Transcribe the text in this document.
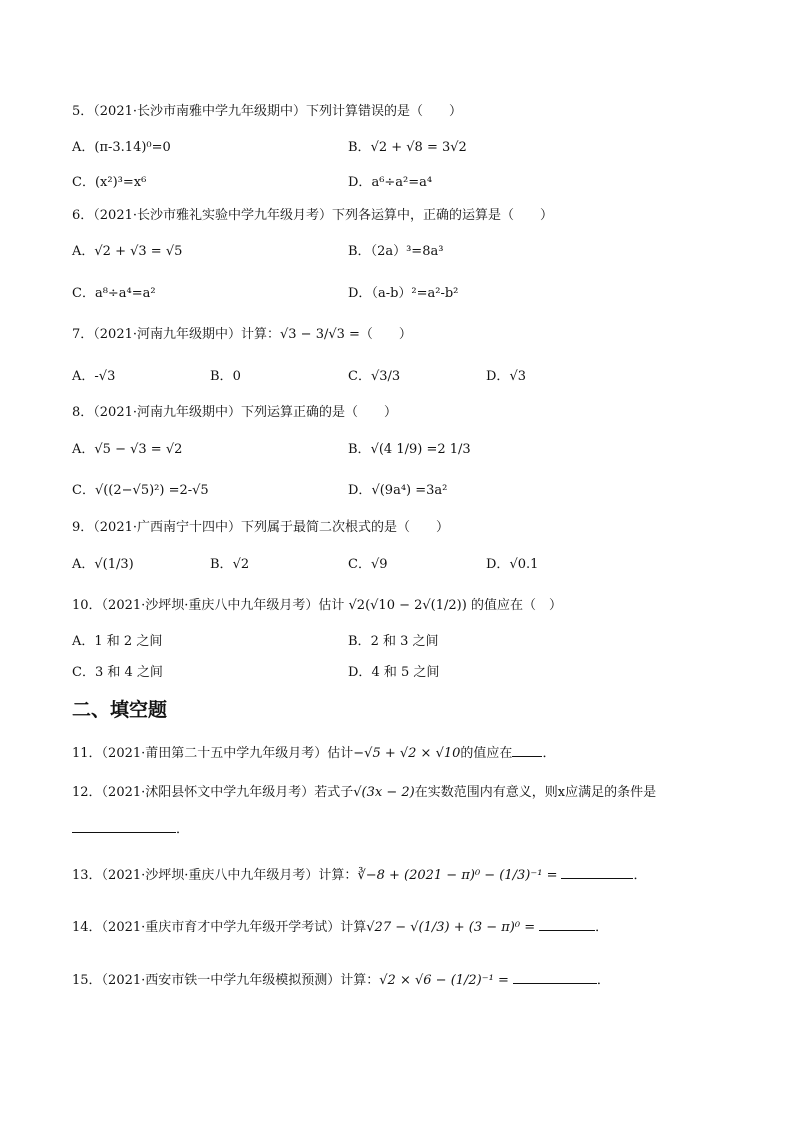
5．（2021·长沙市南雅中学九年级期中）下列计算错误的是（　　）
A．(π-3.14)⁰=0	B．√2 + √8 = 3√2
C．(x²)³=x⁶	D．a⁶÷a²=a⁴
6．（2021·长沙市雅礼实验中学九年级月考）下列各运算中，正确的运算是（　　）
A．√2 + √3 = √5	B．（2a）³=8a³
C．a⁸÷a⁴=a²	D．（a-b）²=a²-b²
7．（2021·河南九年级期中）计算：√3 − 3/√3 =（　　）
A．-√3	B．0	C．√3/3	D．√3
8．（2021·河南九年级期中）下列运算正确的是（　　）
A．√5 − √3 = √2	B．√(4 1/9) =2 1/3
C．√((2−√5)²) =2-√5	D．√(9a⁴) =3a²
9．（2021·广西南宁十四中）下列属于最简二次根式的是（　　）
A．√(1/3)	B．√2	C．√9	D．√0.1
10．（2021·沙坪坝·重庆八中九年级月考）估计 √2(√10 − 2√(1/2)) 的值应在（　）
A．1 和 2 之间	B．2 和 3 之间
C．3 和 4 之间	D．4 和 5 之间
二、填空题
11．（2021·莆田第二十五中学九年级月考）估计−√5 + √2 × √10的值应在 ．
12．（2021·沭阳县怀文中学九年级月考）若式子√(3x − 2)在实数范围内有意义，则x应满足的条件是
．
13．（2021·沙坪坝·重庆八中九年级月考）计算：∛−8 + (2021 − π)⁰ − (1/3)⁻¹ =	．
14．（2021·重庆市育才中学九年级开学考试）计算√27 − √(1/3) + (3 − π)⁰ =	．
15．（2021·西安市铁一中学九年级模拟预测）计算：√2 × √6 − (1/2)⁻¹ =	．
